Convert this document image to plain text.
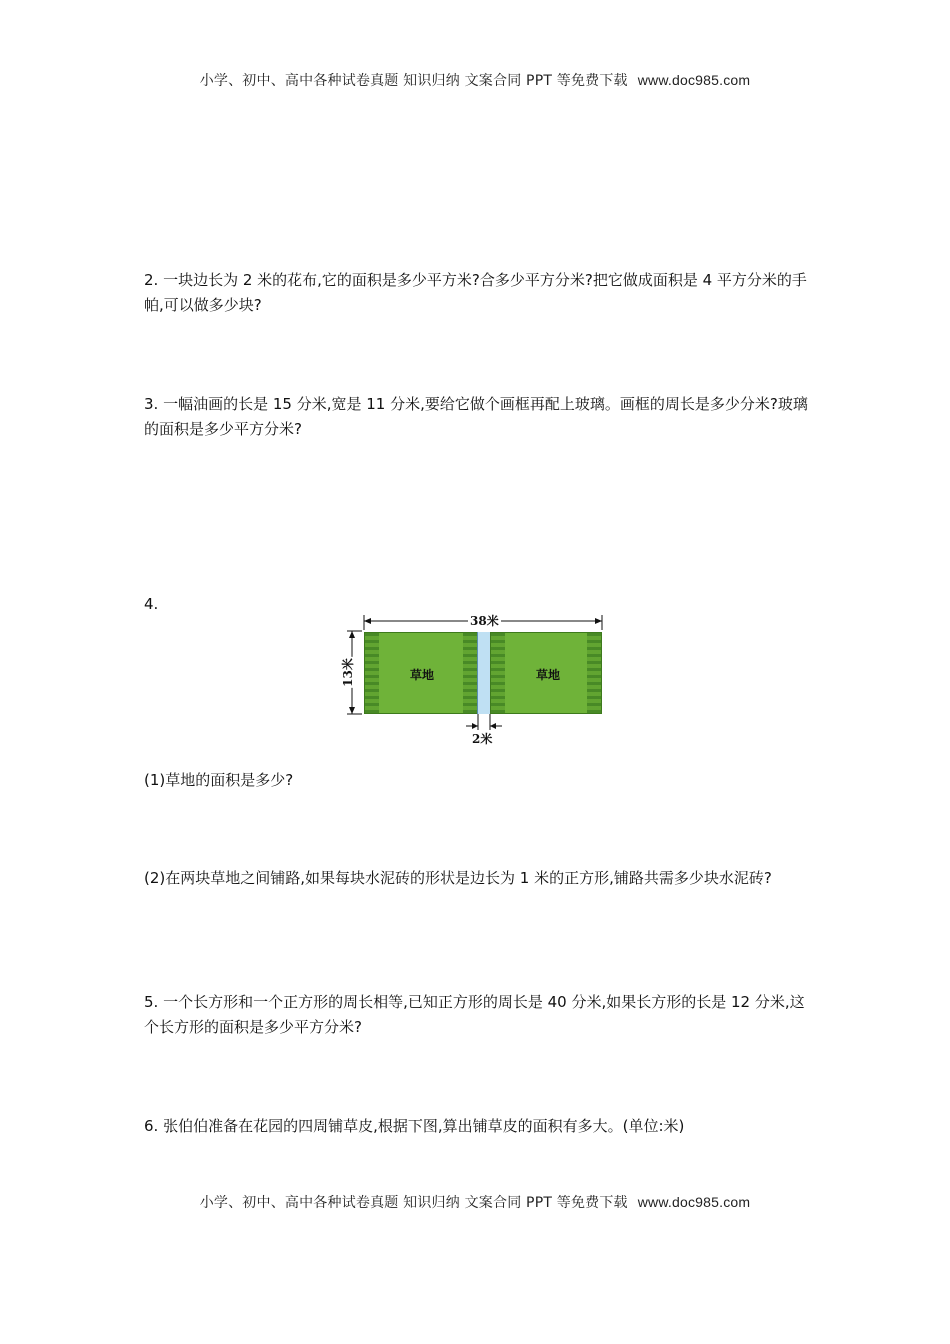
小学、初中、高中各种试卷真题 知识归纳 文案合同 PPT 等免费下载 www.doc985.com
2. 一块边长为 2 米的花布,它的面积是多少平方米?合多少平方分米?把它做成面积是 4 平方分米的手帕,可以做多少块?
3. 一幅油画的长是 15 分米,宽是 11 分米,要给它做个画框再配上玻璃。画框的周长是多少分米?玻璃的面积是多少平方分米?
4.
草地	草地
38米
13米
2米
(1)草地的面积是多少?
(2)在两块草地之间铺路,如果每块水泥砖的形状是边长为 1 米的正方形,铺路共需多少块水泥砖?
5. 一个长方形和一个正方形的周长相等,已知正方形的周长是 40 分米,如果长方形的长是 12 分米,这个长方形的面积是多少平方分米?
6. 张伯伯准备在花园的四周铺草皮,根据下图,算出铺草皮的面积有多大。(单位:米)
小学、初中、高中各种试卷真题 知识归纳 文案合同 PPT 等免费下载 www.doc985.com
